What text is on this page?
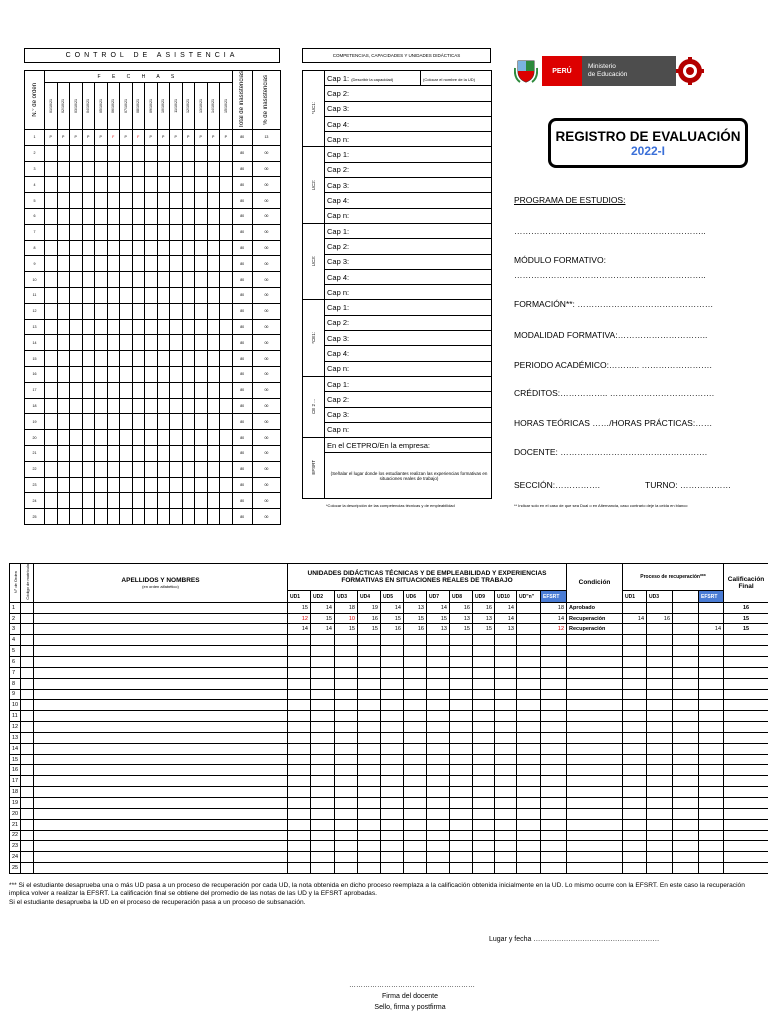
CONTROL DE ASISTENCIA
N.° de orden	F E C H A S															Total de inasistencias	% de inasistencias
	01/10/21	02/10/21	03/10/21	04/10/21	05/10/21	06/10/21	07/10/21	08/10/21	09/10/21	10/10/21	11/10/21	12/10/21	13/10/21	14/10/21	15/10/21		
1	P	P	P	P	P	F	P	F	P	P	P	P	P	P	P	80	13
2																80	00
3																80	00
4																80	00
5																80	00
6																80	00
7																80	00
8																80	00
9																80	00
10																80	00
11																80	00
12																80	00
13																80	00
14																80	00
15																80	00
16																80	00
17																80	00
18																80	00
19																80	00
20																80	00
21																80	00
22																80	00
23																80	00
24																80	00
25																80	00
COMPETENCIAS, CAPACIDADES Y UNIDADES DIDÁCTICAS
*UC1:	Cap 1: (Describir la capacidad)	(Colocar el nombre de la UD)
	Cap 2:	
	Cap 3:	
	Cap 4:	
	Cap n:	
UC2:	Cap 1:	
	Cap 2:	
	Cap 3:	
	Cap 4:	
	Cap n:	
UC3:	Cap 1:	
	Cap 2:	
	Cap 3:	
	Cap 4:	
	Cap n:	
*CE1:	Cap 1:	
	Cap 2:	
	Cap 3:	
	Cap 4:	
	Cap n:	
CE 2 ...	Cap 1:	
	Cap 2:	
	Cap 3:	
	Cap n:	
EFSRT	En el CETPRO/En la empresa:	
	(Señalar el lugar donde los estudiantes realizan las experiencias formativas en situaciones reales de trabajo)	
*Colocar la descripción de las competencias técnicas y de empleabilidad
PERÚ
Ministerio
de Educación
REGISTRO DE EVALUACIÓN
2022-I
PROGRAMA DE ESTUDIOS:
…………………………………………………………..
MÓDULO FORMATIVO:
…………………………………………………………..
FORMACIÓN**: …………………………………………
MODALIDAD FORMATIVA:…………………………..
PERIODO ACADÉMICO:……….. …………………….
CRÉDITOS:…………….. ……………………………….
HORAS TEÓRICAS ……/HORAS PRÁCTICAS:……
DOCENTE: …………………………………………….
SECCIÓN:…………….	TURNO: ………………
** Indicar solo en el caso de que sea Dual o en Alternancia, caso contrario deje la celda en blanco
N° de Orden	Código de matrícula	APELLIDOS Y NOMBRES
(en orden alfabético)	UNIDADES DIDÁCTICAS TÉCNICAS Y DE EMPLEABILIDAD Y EXPERIENCIAS FORMATIVAS EN SITUACIONES REALES DE TRABAJO												Condición	Proceso de recuperación***				Calificación Final
			UD1	UD2	UD3	UD4	UD5	UD6	UD7	UD8	UD9	UD10	UD"n"	EFSRT		UD1	UD3		EFSRT	
1			15	14	18	19	14	13	14	16	16	14		18	Aprobado					16
2			12	15	10	16	15	15	15	13	13	14		14	Recuperación	14	16			15
3			14	14	15	15	16	16	13	15	15	13		12	Recuperación				14	15
4																				
5																				
6																				
7																				
8																				
9																				
10																				
11																				
12																				
13																				
14																				
15																				
16																				
17																				
18																				
19																				
20																				
21																				
22																				
23																				
24																				
25																				
*** Si el estudiante desaprueba una o más UD pasa a un proceso de recuperación por cada UD, la nota obtenida en dicho proceso reemplaza a la calificación obtenida inicialmente en la UD. Lo mismo ocurre con la EFSRT. En este caso la recuperación implica volver a realizar la EFSRT. La calificación final se obtiene del promedio de las notas de las UD y la EFSRT aprobadas.
Si el estudiante desaprueba la UD en el proceso de recuperación pasa a un proceso de subsanación.
Lugar y fecha ………………………………………………
………………………………………………
Firma del docente
Sello, firma y postfirma
